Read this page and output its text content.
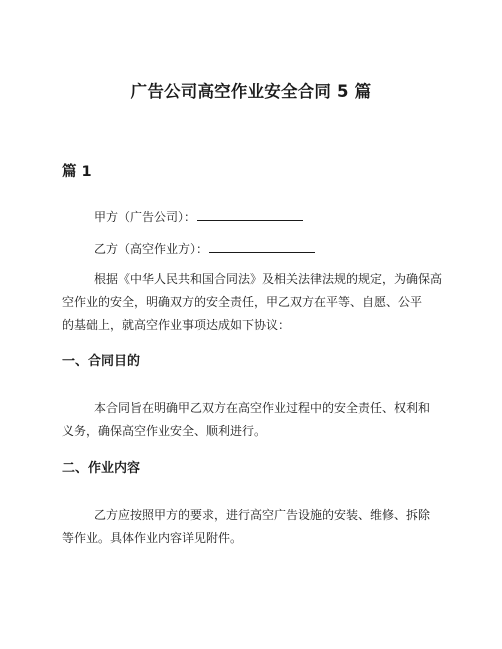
广告公司高空作业安全合同 5 篇
篇 1

甲方（广告公司）：

乙方（高空作业方）：

根据《中华人民共和国合同法》及相关法律法规的规定，为确保高

空作业的安全，明确双方的安全责任，甲乙双方在平等、自愿、公平

的基础上，就高空作业事项达成如下协议：

一、合同目的

本合同旨在明确甲乙双方在高空作业过程中的安全责任、权利和

义务，确保高空作业安全、顺利进行。

二、作业内容

乙方应按照甲方的要求，进行高空广告设施的安装、维修、拆除

等作业。具体作业内容详见附件。
